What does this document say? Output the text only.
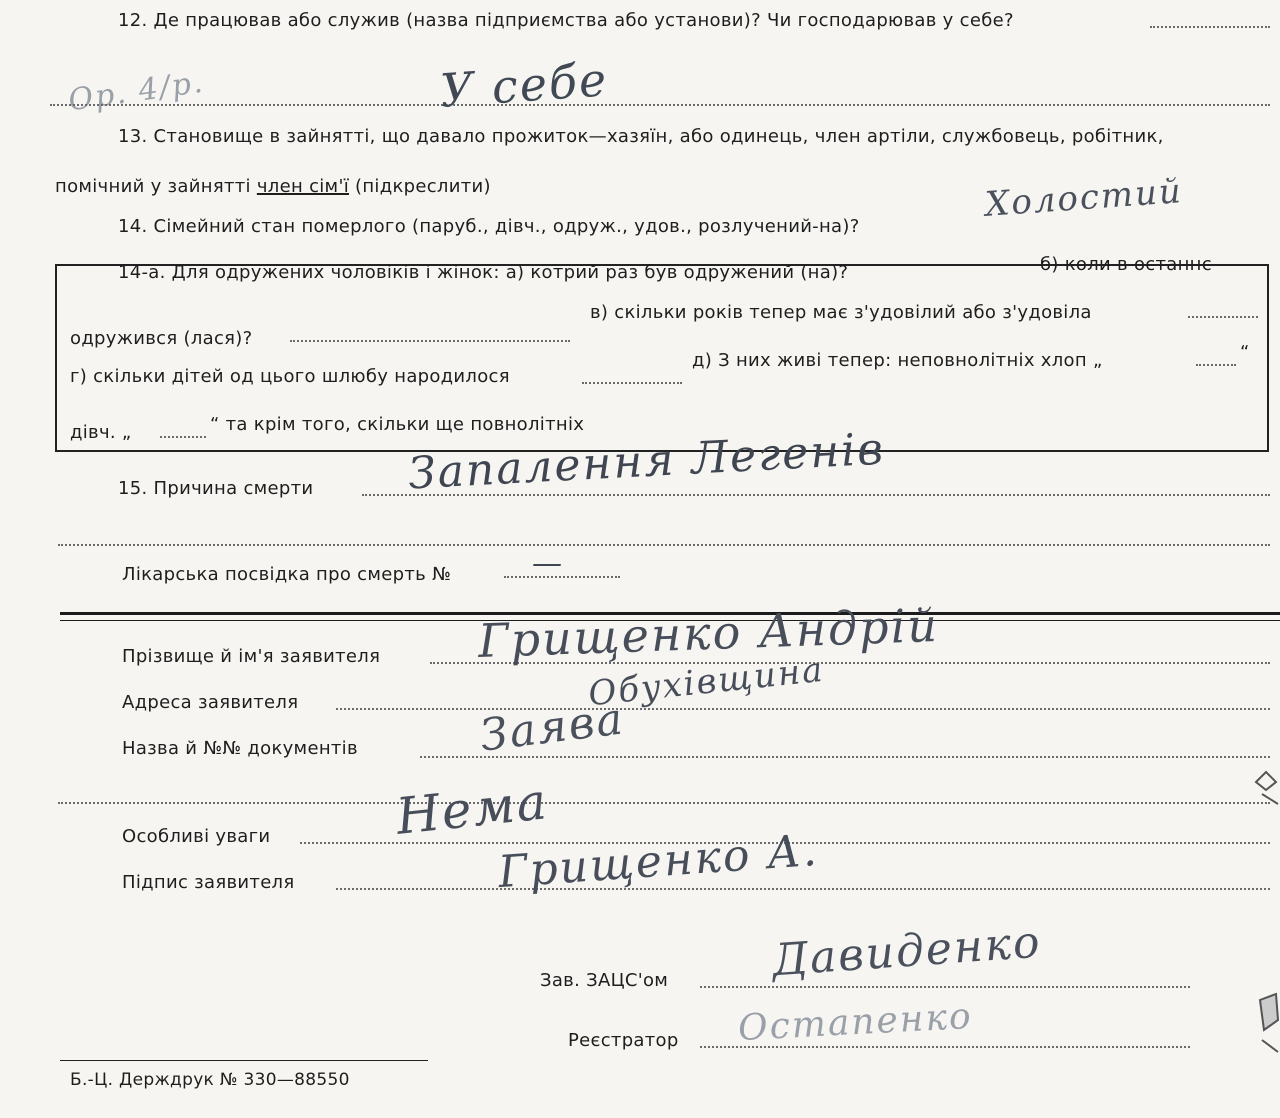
12. Де працював або служив (назва підприємства або установи)? Чи господарював у себе?
Ор. 4/р.	У себе
13. Становище в зайнятті, що давало прожиток—хазяїн, або одинець, член артіли, службовець, робітник,
помічний у зайнятті член сім'ї (підкреслити)
14. Сімейний стан померлого (паруб., дівч., одруж., удов., розлучений-на)?
Холостий
14-а. Для одружених чоловіків і жінок: а) котрий раз був одружений (на)?	б) коли в останнє
одружився (лася)?
в) скільки років тепер має з'удовілий або з'удовіла
г) скільки дітей од цього шлюбу народилося
д) З них живі тепер: неповнолітніх хлоп „	“
дівч. „	“ та крім того, скільки ще повнолітніх
15. Причина смерти Запалення Легенів
Лікарська посвідка про смерть №	—
Прізвище й ім'я заявителя Грищенко Андрій
Адреса заявителя	Обухівщина
Назва й №№ документів	Заява
Особливі уваги Нема
Підпис заявителя	Грищенко А.
Зав. ЗАЦС'ом Давиденко
Реєстратор Остапенко
Б.-Ц. Держдрук № 330—88550
